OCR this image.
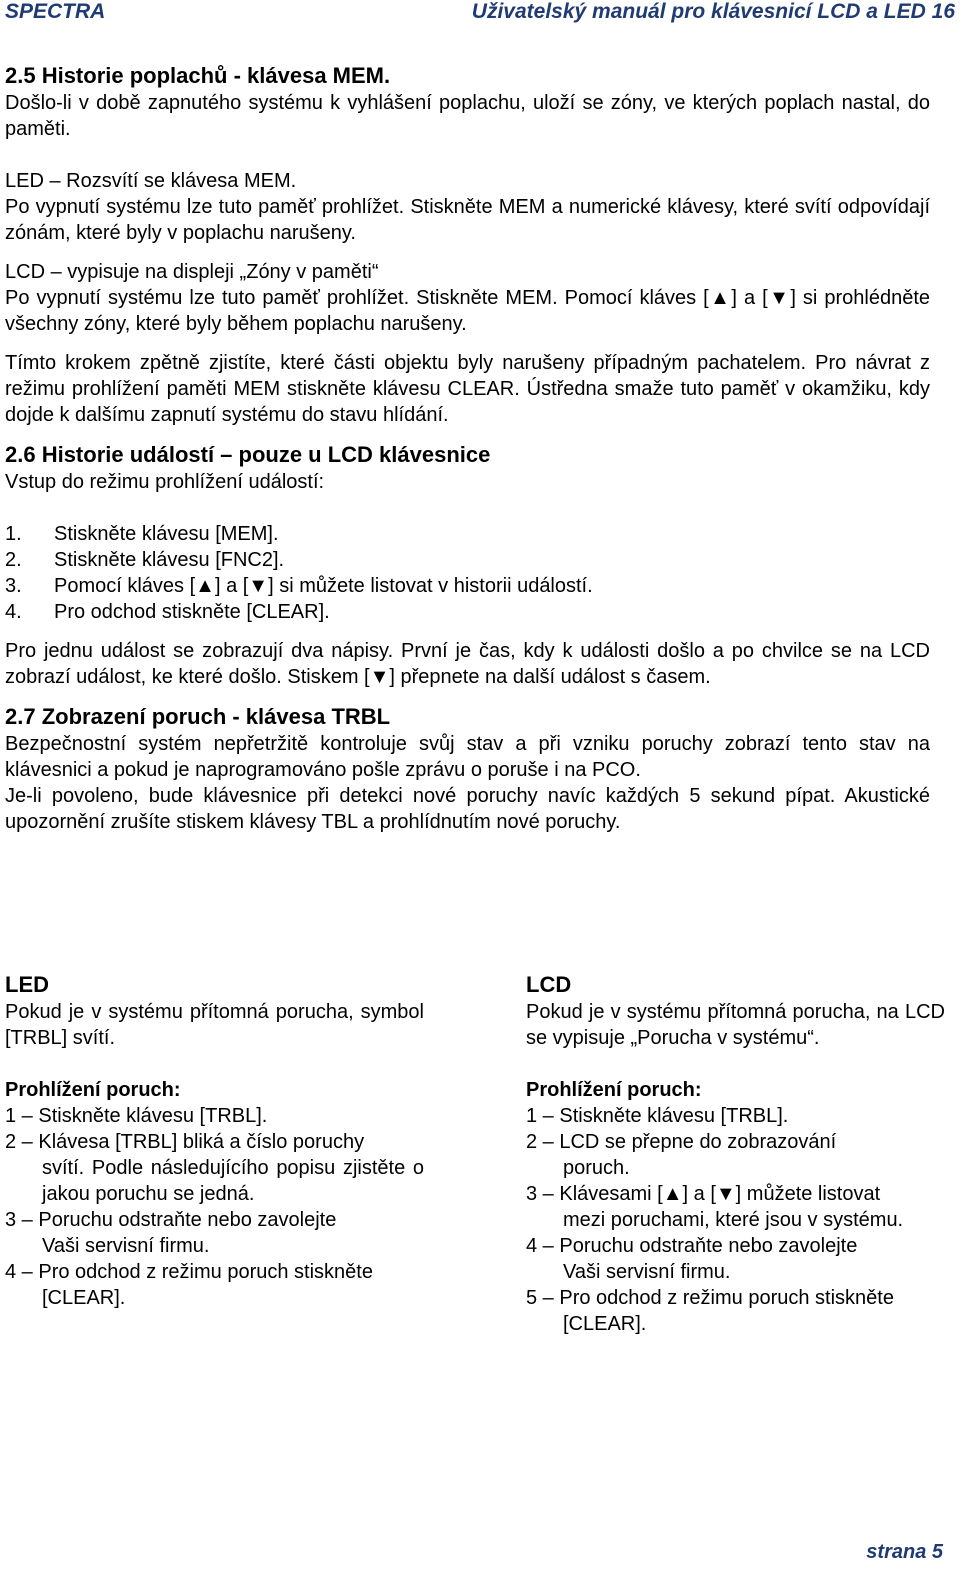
SPECTRA	Uživatelský manuál pro klávesnicí LCD a LED 16

2.5 Historie poplachů - klávesa MEM.

Došlo-li v době zapnutého systému k vyhlášení poplachu, uloží se zóny, ve kterých poplach nastal, do paměti.

LED – Rozsvítí se klávesa MEM.

Po vypnutí systému lze tuto paměť prohlížet. Stiskněte MEM a numerické klávesy, které svítí odpovídají zónám, které byly v poplachu narušeny.

LCD – vypisuje na displeji „Zóny v paměti“

Po vypnutí systému lze tuto paměť prohlížet. Stiskněte MEM. Pomocí kláves [▲] a [▼] si prohlédněte všechny zóny, které byly během poplachu narušeny.

Tímto krokem zpětně zjistíte, které části objektu byly narušeny případným pachatelem. Pro návrat z režimu prohlížení paměti MEM stiskněte klávesu CLEAR. Ústředna smaže tuto paměť v okamžiku, kdy dojde k dalšímu zapnutí systému do stavu hlídání.

2.6 Historie událostí – pouze u LCD klávesnice

Vstup do režimu prohlížení událostí:

1.	Stiskněte klávesu [MEM].
2.	Stiskněte klávesu [FNC2].
3.	Pomocí kláves [▲] a [▼] si můžete listovat v historii událostí.
4.	Pro odchod stiskněte [CLEAR].

Pro jednu událost se zobrazují dva nápisy. První je čas, kdy k události došlo a po chvilce se na LCD zobrazí událost, ke které došlo. Stiskem [▼] přepnete na další událost s časem.

2.7 Zobrazení poruch - klávesa TRBL

Bezpečnostní systém nepřetržitě kontroluje svůj stav a při vzniku poruchy zobrazí tento stav na klávesnici a pokud je naprogramováno pošle zprávu o poruše i na PCO.

Je-li povoleno, bude klávesnice při detekci nové poruchy navíc každých 5 sekund pípat. Akustické upozornění zrušíte stiskem klávesy TBL a prohlídnutím nové poruchy.

LED

Pokud je v systému přítomná porucha, symbol [TRBL] svítí.

Prohlížení poruch:

1 – Stiskněte klávesu [TRBL].
2 – Klávesa [TRBL] bliká a číslo poruchy
svítí. Podle následujícího popisu zjistěte o jakou poruchu se jedná.
3 – Poruchu odstraňte nebo zavolejte
Vaši servisní firmu.
4 – Pro odchod z režimu poruch stiskněte
[CLEAR].
LCD

Pokud je v systému přítomná porucha, na LCD se vypisuje „Porucha v systému“.

Prohlížení poruch:

1 – Stiskněte klávesu [TRBL].
2 – LCD se přepne do zobrazování
poruch.
3 – Klávesami [▲] a [▼] můžete listovat
mezi poruchami, které jsou v systému.
4 – Poruchu odstraňte nebo zavolejte
Vaši servisní firmu.
5 – Pro odchod z režimu poruch stiskněte
[CLEAR].
strana 5
